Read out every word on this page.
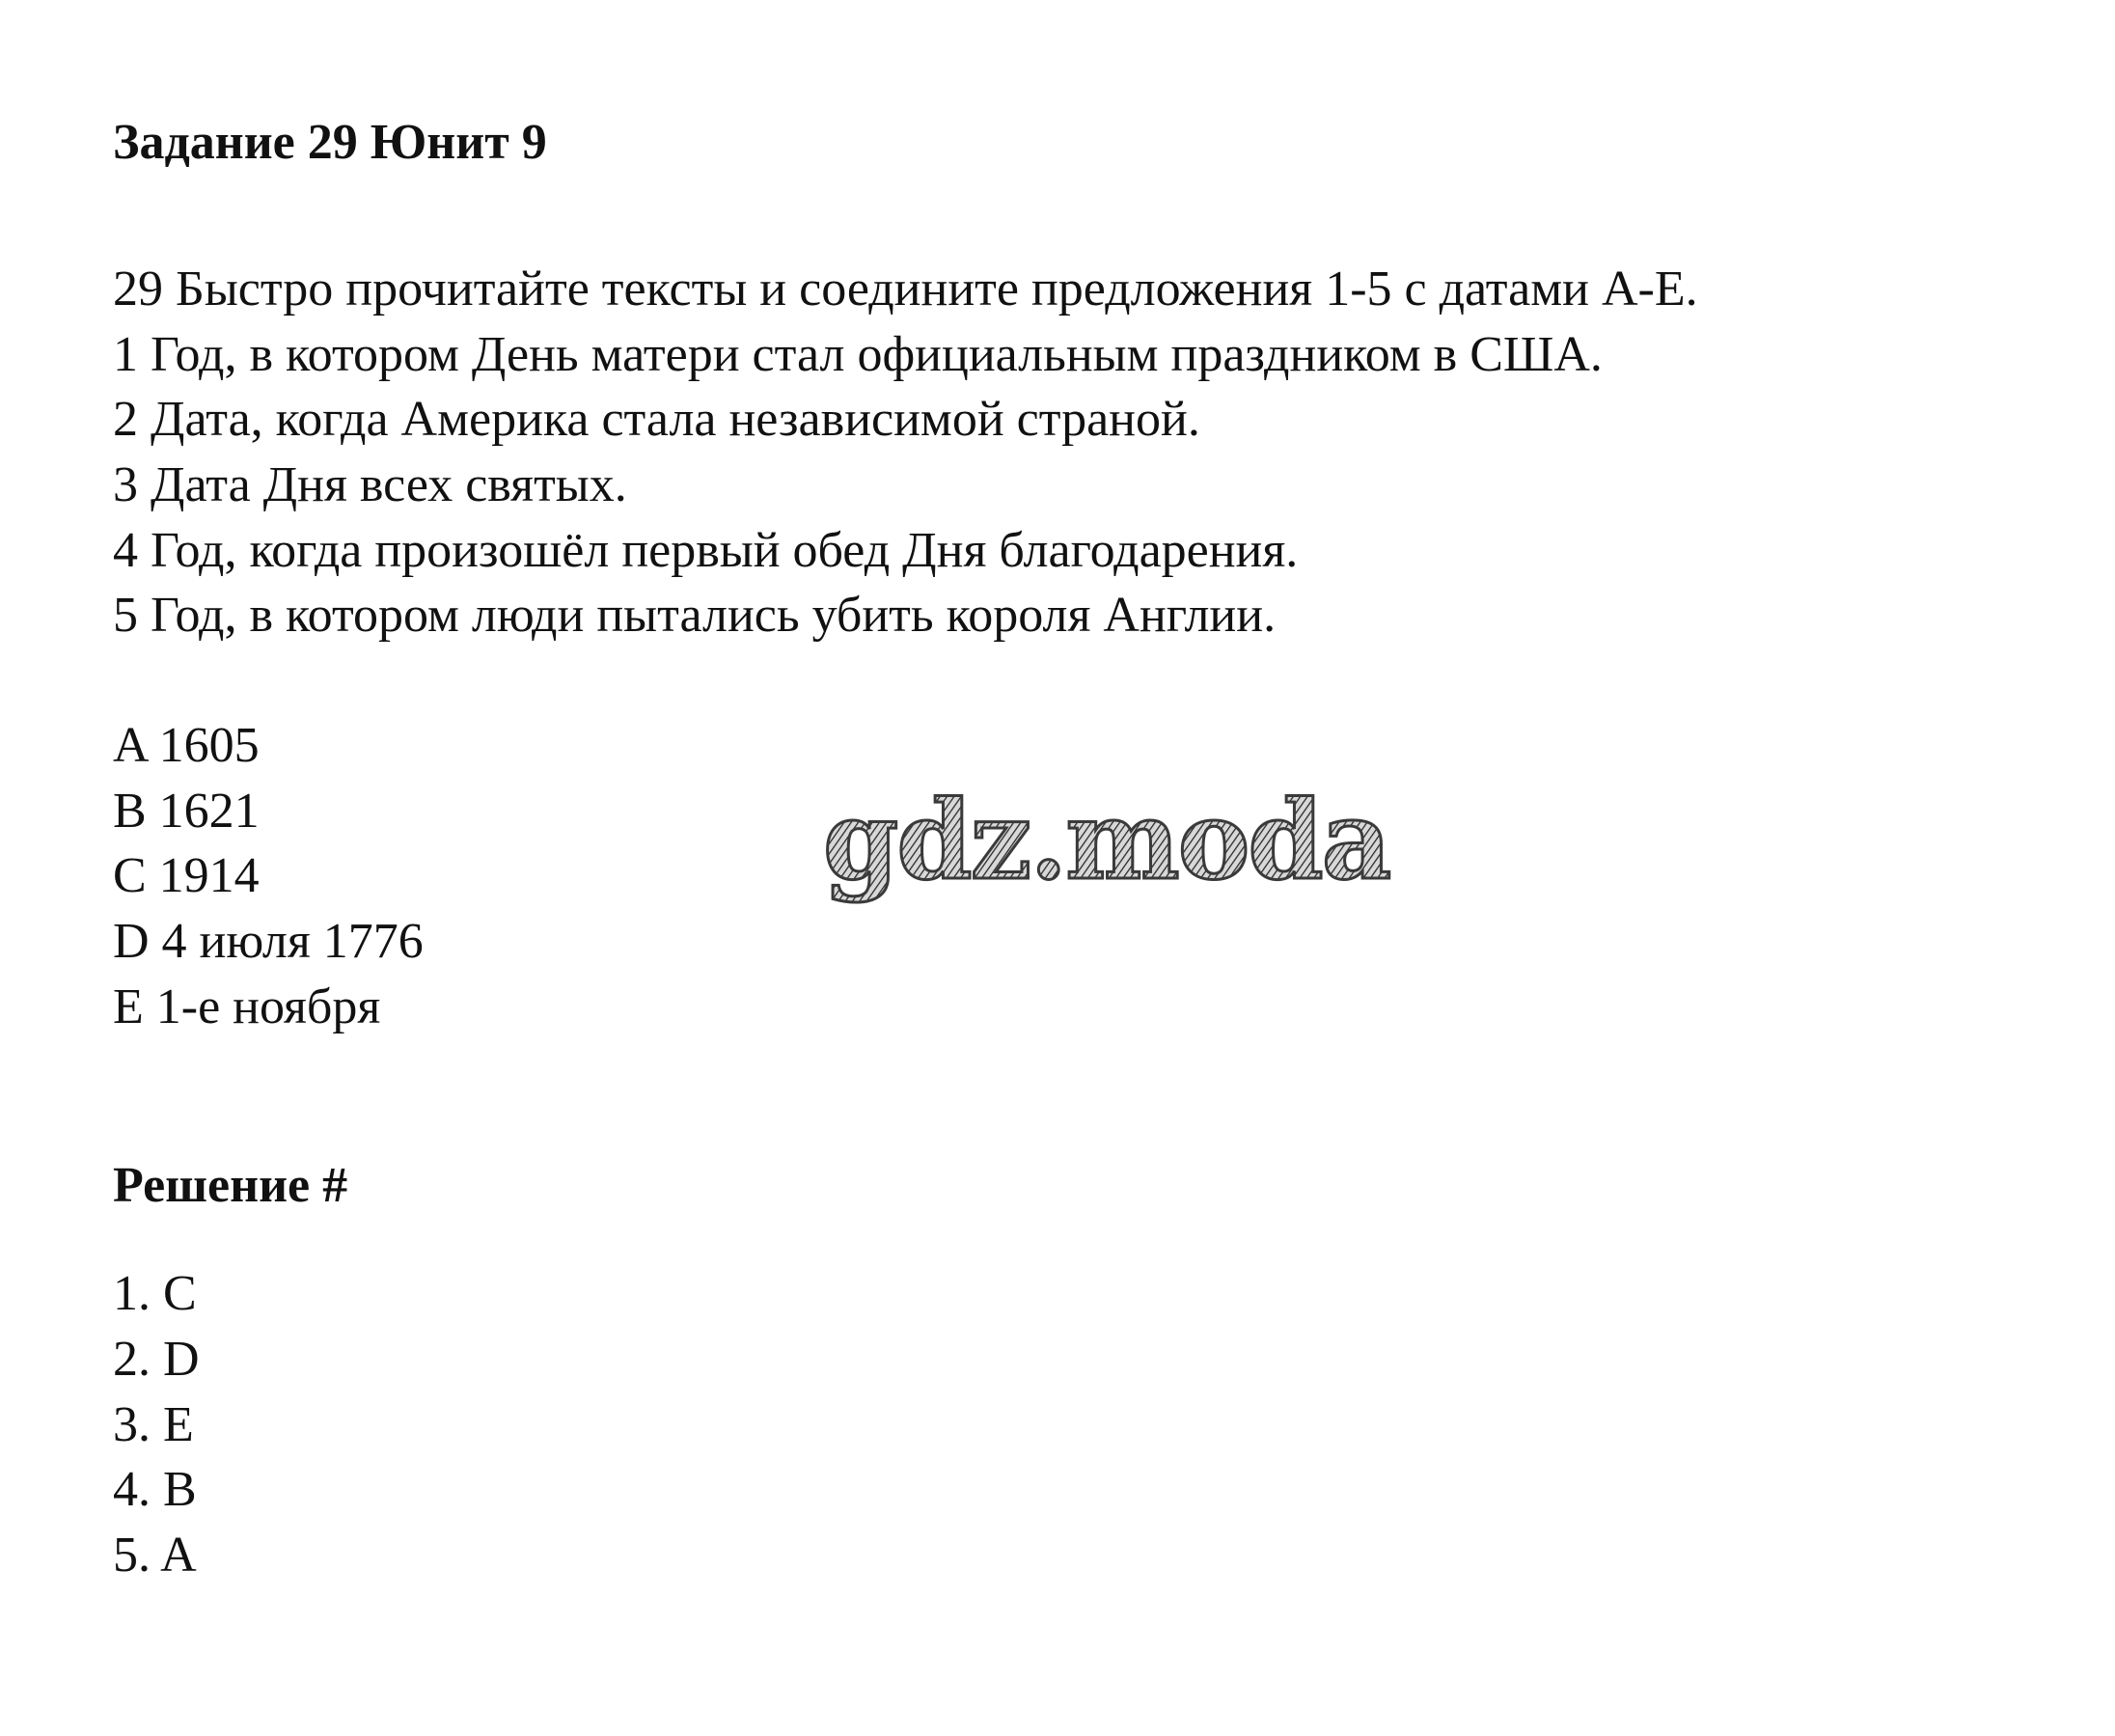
Задание 29 Юнит 9

29 Быстро прочитайте тексты и соедините предложения 1-5 с датами A-E.

1 Год, в котором День матери стал официальным праздником в США.

2 Дата, когда Америка стала независимой страной.

3 Дата Дня всех святых.

4 Год, когда произошёл первый обед Дня благодарения.

5 Год, в котором люди пытались убить короля Англии.

A 1605

B 1621

C 1914

D 4 июля 1776

E 1-е ноября

Решение #

1. C

2. D

3. E

4. B

5. A

gdz.moda
